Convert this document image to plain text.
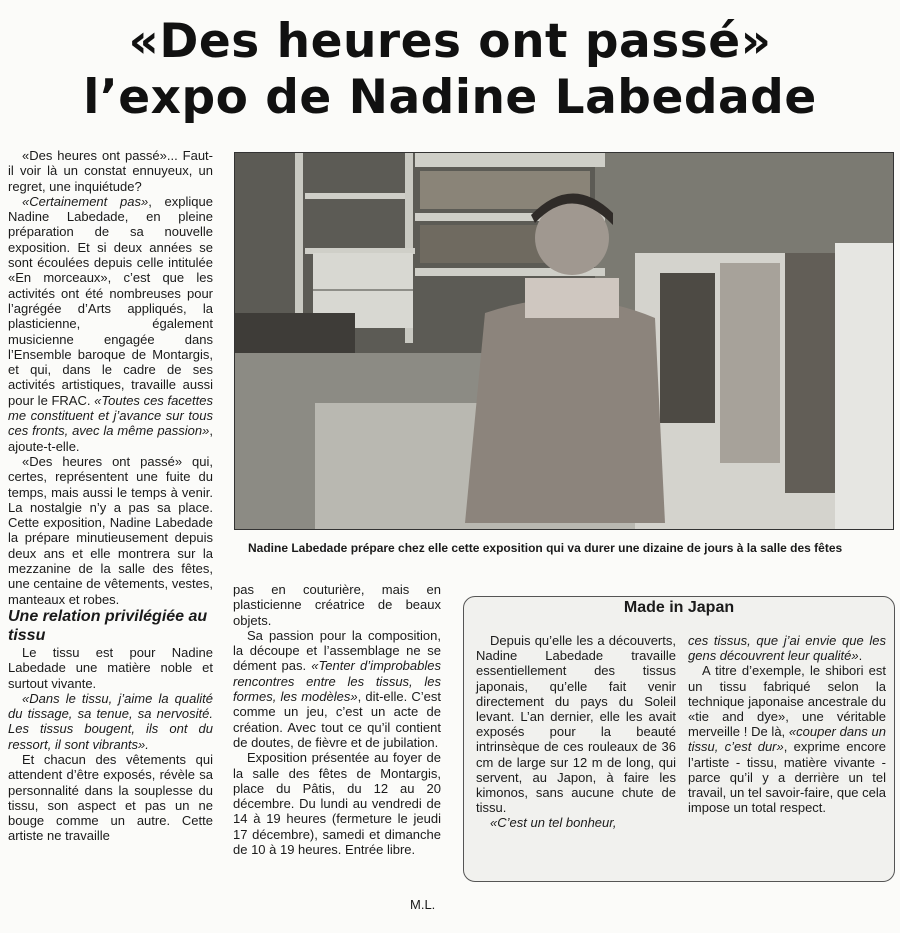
«Des heures ont passé»
l’expo de Nadine Labedade

«Des heures ont passé»... Faut-il voir là un constat ennuyeux, un regret, une inquiétude?

«Certainement pas», explique Nadine Labedade, en pleine préparation de sa nouvelle exposition. Et si deux années se sont écoulées depuis celle intitulée «En morceaux», c’est que les activités ont été nombreuses pour l’agrégée d’Arts appliqués, la plasticienne, également musicienne engagée dans l’Ensemble baroque de Montargis, et qui, dans le cadre de ses activités artistiques, travaille aussi pour le FRAC. «Toutes ces facettes me constituent et j’avance sur tous ces fronts, avec la même passion», ajoute-t-elle.

«Des heures ont passé» qui, certes, représentent une fuite du temps, mais aussi le temps à venir. La nostalgie n’y a pas sa place. Cette exposition, Nadine Labedade la prépare minutieusement depuis deux ans et elle montrera sur la mezzanine de la salle des fêtes, une centaine de vêtements, vestes, manteaux et robes.

Une relation privilégiée au tissu

Le tissu est pour Nadine Labedade une matière noble et surtout vivante.

«Dans le tissu, j’aime la qualité du tissage, sa tenue, sa nervosité. Les tissus bougent, ils ont du ressort, il sont vibrants».

Et chacun des vêtements qui attendent d’être exposés, révèle sa personnalité dans la souplesse du tissu, son aspect et pas un ne bouge comme un autre. Cette artiste ne travaille

Nadine Labedade prépare chez elle cette exposition qui va durer une dizaine de jours à la salle des fêtes

pas en couturière, mais en plasticienne créatrice de beaux objets.

Sa passion pour la composition, la découpe et l’assemblage ne se dément pas. «Tenter d’improbables rencontres entre les tissus, les formes, les modèles», dit-elle. C’est comme un jeu, c’est un acte de création. Avec tout ce qu’il contient de doutes, de fièvre et de jubilation.

Exposition présentée au foyer de la salle des fêtes de Montargis, place du Pâtis, du 12 au 20 décembre. Du lundi au vendredi de 14 à 19 heures (fermeture le jeudi 17 décembre), samedi et dimanche de 10 à 19 heures. Entrée libre.

M.L.
Made in Japan

Depuis qu’elle les a découverts, Nadine Labedade travaille essentiellement des tissus japonais, qu’elle fait venir directement du pays du Soleil levant. L’an dernier, elle les avait exposés pour la beauté intrinsèque de ces rouleaux de 36 cm de large sur 12 m de long, qui servent, au Japon, à faire les kimonos, sans aucune chute de tissu.

«C’est un tel bonheur,

ces tissus, que j’ai envie que les gens découvrent leur qualité».

A titre d’exemple, le shibori est un tissu fabriqué selon la technique japonaise ancestrale du «tie and dye», une véritable merveille ! De là, «couper dans un tissu, c’est dur», exprime encore l’artiste - tissu, matière vivante - parce qu’il y a derrière un tel travail, un tel savoir-faire, que cela impose un total respect.
